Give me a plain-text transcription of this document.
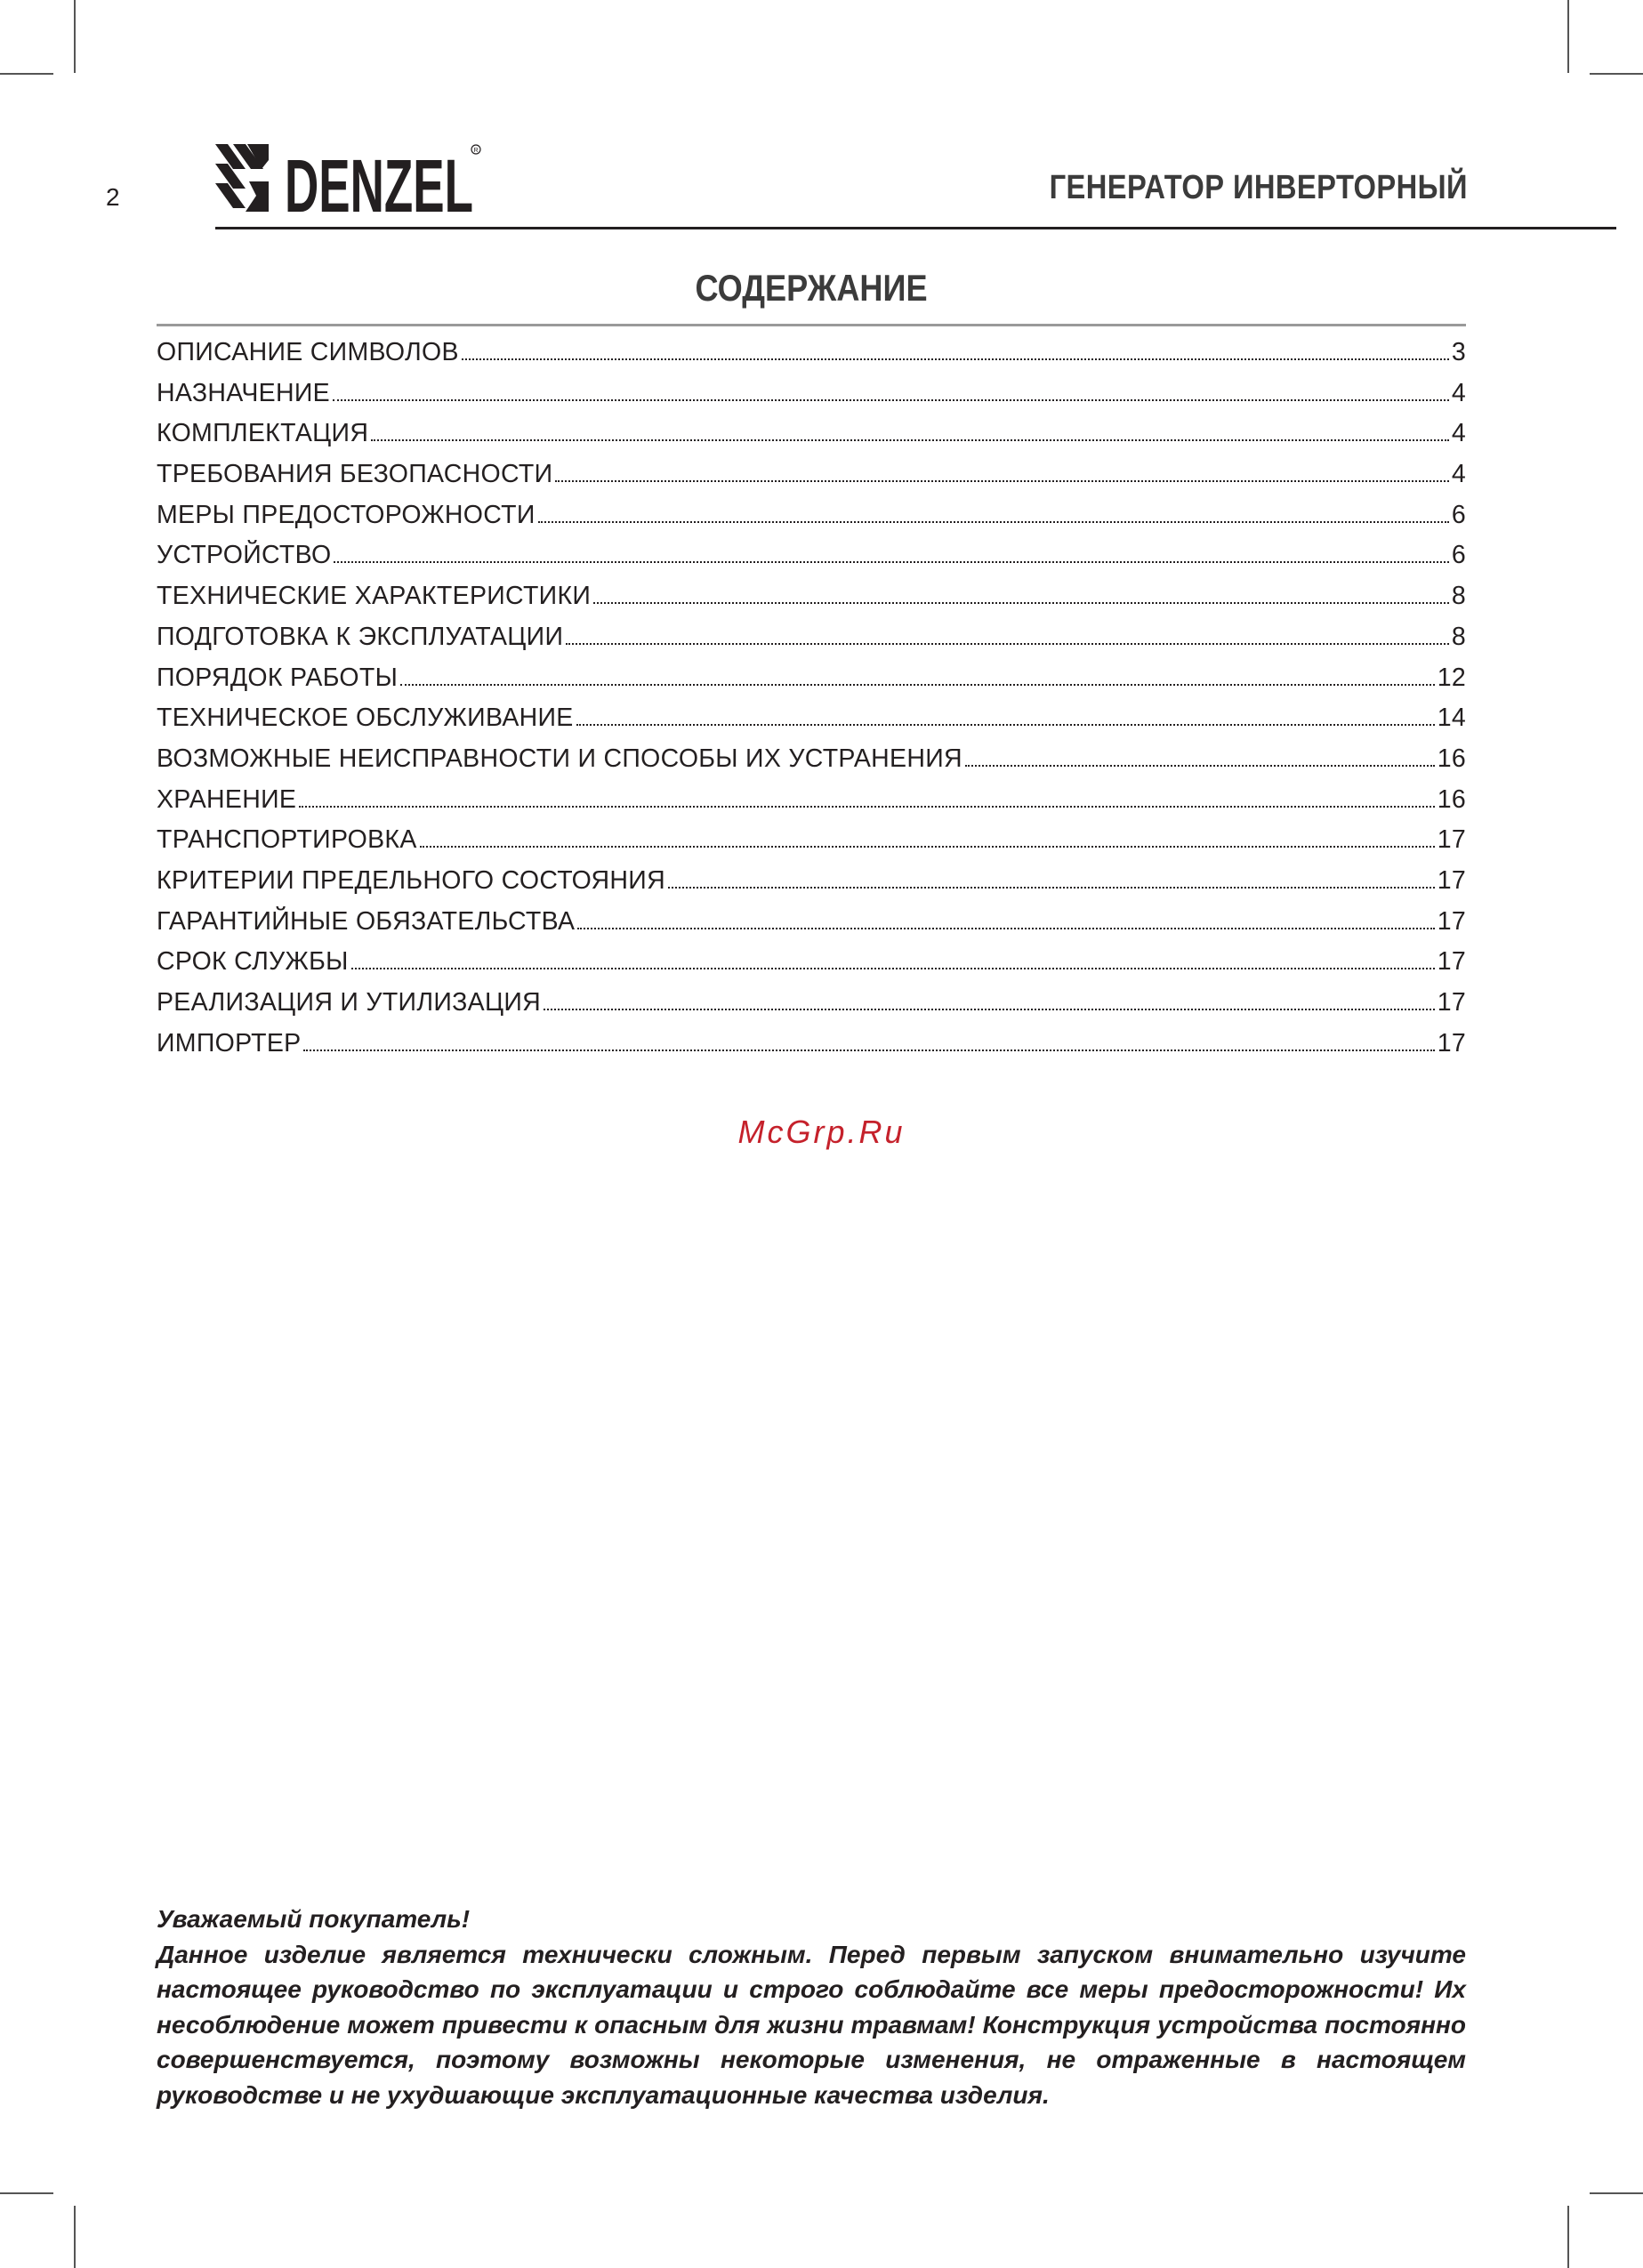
2 DENZEL R
ГЕНЕРАТОР ИНВЕРТОРНЫЙ
СОДЕРЖАНИЕ
ОПИСАНИЕ СИМВОЛОВ	3
НАЗНАЧЕНИЕ	4
КОМПЛЕКТАЦИЯ	4
ТРЕБОВАНИЯ БЕЗОПАСНОСТИ	4
МЕРЫ ПРЕДОСТОРОЖНОСТИ	6
УСТРОЙСТВО	6
ТЕХНИЧЕСКИЕ ХАРАКТЕРИСТИКИ	8
ПОДГОТОВКА К ЭКСПЛУАТАЦИИ	8
ПОРЯДОК РАБОТЫ	12
ТЕХНИЧЕСКОЕ ОБСЛУЖИВАНИЕ	14
ВОЗМОЖНЫЕ НЕИСПРАВНОСТИ И СПОСОБЫ ИХ УСТРАНЕНИЯ	16
ХРАНЕНИЕ	16
ТРАНСПОРТИРОВКА	17
КРИТЕРИИ ПРЕДЕЛЬНОГО СОСТОЯНИЯ	17
ГАРАНТИЙНЫЕ ОБЯЗАТЕЛЬСТВА	17
СРОК СЛУЖБЫ	17
РЕАЛИЗАЦИЯ И УТИЛИЗАЦИЯ	17
ИМПОРТЕР	17
McGrp.Ru

Уважаемый покупатель!

Данное изделие является технически сложным. Перед первым запуском внимательно изучите настоящее руководство по эксплуатации и строго соблюдайте все меры предосторожности! Их несоблюдение может привести к опасным для жизни травмам! Конструкция устройства постоянно совершенствуется, поэтому возможны некоторые изменения, не отраженные в настоящем руководстве и не ухудшающие эксплуатационные качества изделия.
